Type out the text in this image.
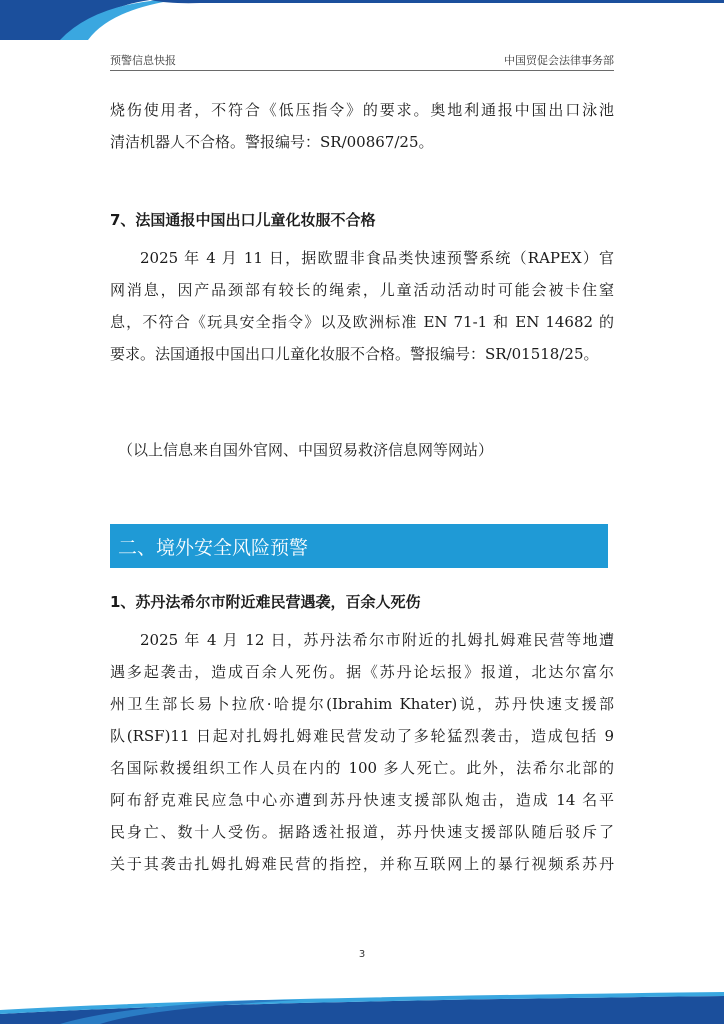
预警信息快报	中国贸促会法律事务部
烧伤使用者，不符合《低压指令》的要求。奥地利通报中国出口泳池
清洁机器人不合格。警报编号：SR/00867/25。
7、法国通报中国出口儿童化妆服不合格
2025 年 4 月 11 日，据欧盟非食品类快速预警系统（RAPEX）官
网消息，因产品颈部有较长的绳索，儿童活动活动时可能会被卡住窒
息，不符合《玩具安全指令》以及欧洲标准 EN 71-1 和 EN 14682 的
要求。法国通报中国出口儿童化妆服不合格。警报编号：SR/01518/25。
（以上信息来自国外官网、中国贸易救济信息网等网站）
二、境外安全风险预警
1、苏丹法希尔市附近难民营遇袭，百余人死伤
2025 年 4 月 12 日，苏丹法希尔市附近的扎姆扎姆难民营等地遭
遇多起袭击，造成百余人死伤。据《苏丹论坛报》报道，北达尔富尔
州卫生部长易卜拉欣·哈提尔(Ibrahim Khater)说，苏丹快速支援部
队(RSF)11 日起对扎姆扎姆难民营发动了多轮猛烈袭击，造成包括 9
名国际救援组织工作人员在内的 100 多人死亡。此外，法希尔北部的
阿布舒克难民应急中心亦遭到苏丹快速支援部队炮击，造成 14 名平
民身亡、数十人受伤。据路透社报道，苏丹快速支援部队随后驳斥了
关于其袭击扎姆扎姆难民营的指控，并称互联网上的暴行视频系苏丹
3
